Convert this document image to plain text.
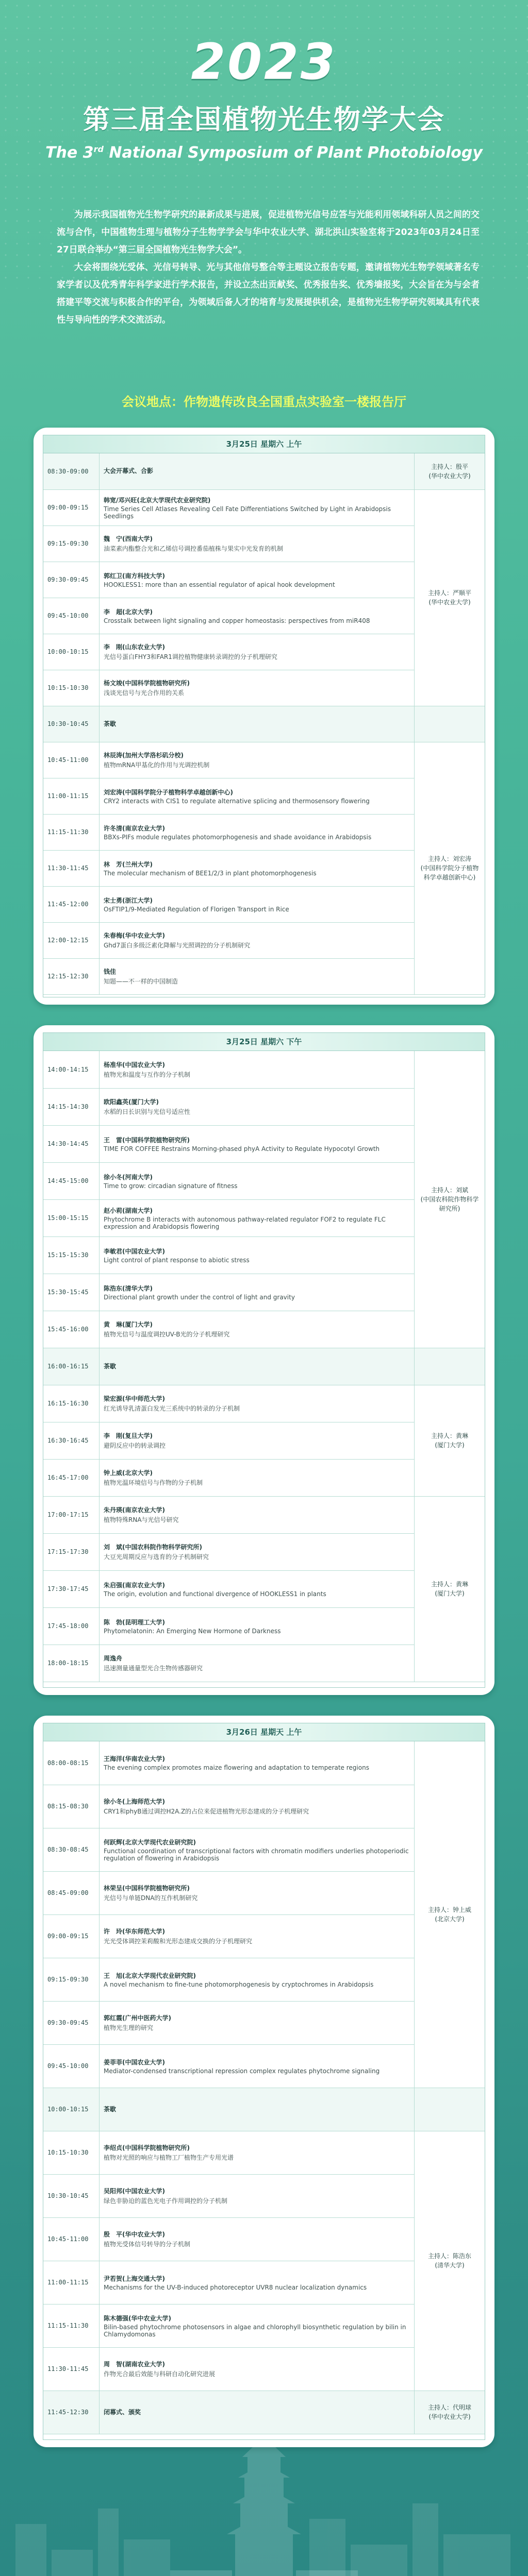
2023
第三届全国植物光生物学大会
The 3rd National Symposium of Plant Photobiology

为展示我国植物光生物学研究的最新成果与进展，促进植物光信号应答与光能利用领域科研人员之间的交流与合作，中国植物生理与植物分子生物学学会与华中农业大学、湖北洪山实验室将于2023年03月24日至27日联合举办“第三届全国植物光生物学大会”。

大会将围绕光受体、光信号转导、光与其他信号整合等主题设立报告专题，邀请植物光生物学领域著名专家学者以及优秀青年科学家进行学术报告，并设立杰出贡献奖、优秀报告奖、优秀墙报奖，大会旨在为与会者搭建平等交流与积极合作的平台，为领域后备人才的培育与发展提供机会，是植物光生物学研究领域具有代表性与导向性的学术交流活动。

会议地点：作物遗传改良全国重点实验室一楼报告厅
3月25日 星期六 上午
08:30-09:00	大会开幕式、合影	主持人：殷平
(华中农业大学)
09:00-09:15	韩宽/邓兴旺(北京大学现代农业研究院)
Time Series Cell Atlases Revealing Cell Fate Differentiations Switched by Light in Arabidopsis Seedlings	主持人：严顺平
(华中农业大学)
09:15-09:30	魏　宁(西南大学)
油菜素内酯整合光和乙烯信号调控番茄植株与果实中光发育的机制	

09:30-09:45	郭红卫(南方科技大学)
HOOKLESS1: more than an essential regulator of apical hook development	

09:45-10:00	李　超(北京大学)
Crosstalk between light signaling and copper homeostasis: perspectives from miR408	

10:00-10:15	李　刚(山东农业大学)
光信号蛋白FHY3和FAR1调控植物健康转录调控的分子机理研究	

10:15-10:30	杨文竣(中国科学院植物研究所)
浅谈光信号与光合作用的关系	

10:30-10:45	茶歇	

10:45-11:00	林辰涛(加州大学洛杉矶分校)
植物mRNA甲基化的作用与光调控机制	主持人：刘宏涛
(中国科学院分子植物科学卓越创新中心)
11:00-11:15	刘宏涛(中国科学院分子植物科学卓越创新中心)
CRY2 interacts with CIS1 to regulate alternative splicing and thermosensory flowering	

11:15-11:30	许冬清(南京农业大学)
BBXs-PIFs module regulates photomorphogenesis and shade avoidance in Arabidopsis	

11:30-11:45	林　芳(兰州大学)
The molecular mechanism of BEE1/2/3 in plant photomorphogenesis	

11:45-12:00	宋士勇(浙江大学)
OsFTIP1/9-Mediated Regulation of Florigen Transport in Rice	

12:00-12:15	朱春梅(华中农业大学)
Ghd7蛋白多级泛素化降解与光照调控的分子机制研究	

12:15-12:30	钱佳
知题——不一样的中国制造	
3月25日 星期六 下午
14:00-14:15	杨准华(中国农业大学)
植物光和温度与互作的分子机制	主持人：刘斌
(中国农科院作物科学研究所)
14:15-14:30	欧阳鑫英(厦门大学)
水稻的日长识别与光信号适应性	

14:30-14:45	王　雷(中国科学院植物研究所)
TIME FOR COFFEE Restrains Morning-phased phyA Activity to Regulate Hypocotyl Growth	

14:45-15:00	徐小冬(河南大学)
Time to grow: circadian signature of fitness	

15:00-15:15	赵小莉(湖南大学)
Phytochrome B interacts with autonomous pathway-related regulator FOF2 to regulate FLC expression and Arabidopsis flowering	

15:15-15:30	李敏君(中国农业大学)
Light control of plant response to abiotic stress	

15:30-15:45	陈浩东(清华大学)
Directional plant growth under the control of light and gravity	

15:45-16:00	黄　琳(厦门大学)
植物光信号与温度调控UV-B光的分子机理研究	

16:00-16:15	茶歇	

16:15-16:30	梁宏源(华中师范大学)
红光诱导乳清蛋白发光三系统中的转录的分子机制	主持人：黄琳
(厦门大学)
16:30-16:45	李　刚(复旦大学)
避阴反应中的转录调控	

16:45-17:00	钟上威(北京大学)
植物光温环境信号与作物的分子机制	

17:00-17:15	朱丹瑛(南京农业大学)
植物特殊RNA与光信号研究	主持人：黄琳
(厦门大学)
17:15-17:30	刘　斌(中国农科院作物科学研究所)
大豆光周期反应与选育的分子机制研究	

17:30-17:45	朱启强(南京农业大学)
The origin, evolution and functional divergence of HOOKLESS1 in plants	

17:45-18:00	陈　勃(昆明理工大学)
Phytomelatonin: An Emerging New Hormone of Darkness	

18:00-18:15	周逸舟
迅速测量通量型光合生物传感器研究	
3月26日 星期天 上午
08:00-08:15	王海洋(华南农业大学)
The evening complex promotes maize flowering and adaptation to temperate regions	主持人：钟上威
(北京大学)
08:15-08:30	徐小冬(上海师范大学)
CRY1和phyB通过调控H2A.Z的占位来促进植物光形态建成的分子机理研究	

08:30-08:45	何跃辉(北京大学现代农业研究院)
Functional coordination of transcriptional factors with chromatin modifiers underlies photoperiodic regulation of flowering in Arabidopsis	

08:45-09:00	林荣呈(中国科学院植物研究所)
光信号与单链DNA的互作机制研究	

09:00-09:15	许　玲(华东师范大学)
光光受体调控茉莉酸和光形态建成交换的分子机理研究	

09:15-09:30	王　旭(北京大学现代农业研究院)
A novel mechanism to fine-tune photomorphogenesis by cryptochromes in Arabidopsis	

09:30-09:45	郭红霞(广州中医药大学)
植物光生理的研究	

09:45-10:00	姜菲菲(中国农业大学)
Mediator-condensed transcriptional repression complex regulates phytochrome signaling	

10:00-10:15	茶歇	

10:15-10:30	李绍贞(中国科学院植物研究所)
植物对光照的响应与植物工厂植物生产专用光谱	主持人：陈浩东
(清华大学)
10:30-10:45	吴阳邦(中国农业大学)
绿色非胁迫的蓝色光电子作用调控的分子机制	

10:45-11:00	殷　平(华中农业大学)
植物光受体信号转导的分子机制	

11:00-11:15	尹若贺(上海交通大学)
Mechanisms for the UV-B-induced photoreceptor UVR8 nuclear localization dynamics	

11:15-11:30	陈木德强(华中农业大学)
Bilin-based phytochrome photosensors in algae and chlorophyll biosynthetic regulation by bilin in Chlamydomonas	

11:30-11:45	周　智(湖南农业大学)
作物光合最后效能与科研自动化研究进展	

11:45-12:30	闭幕式、颁奖	主持人：代明球
(华中农业大学)
